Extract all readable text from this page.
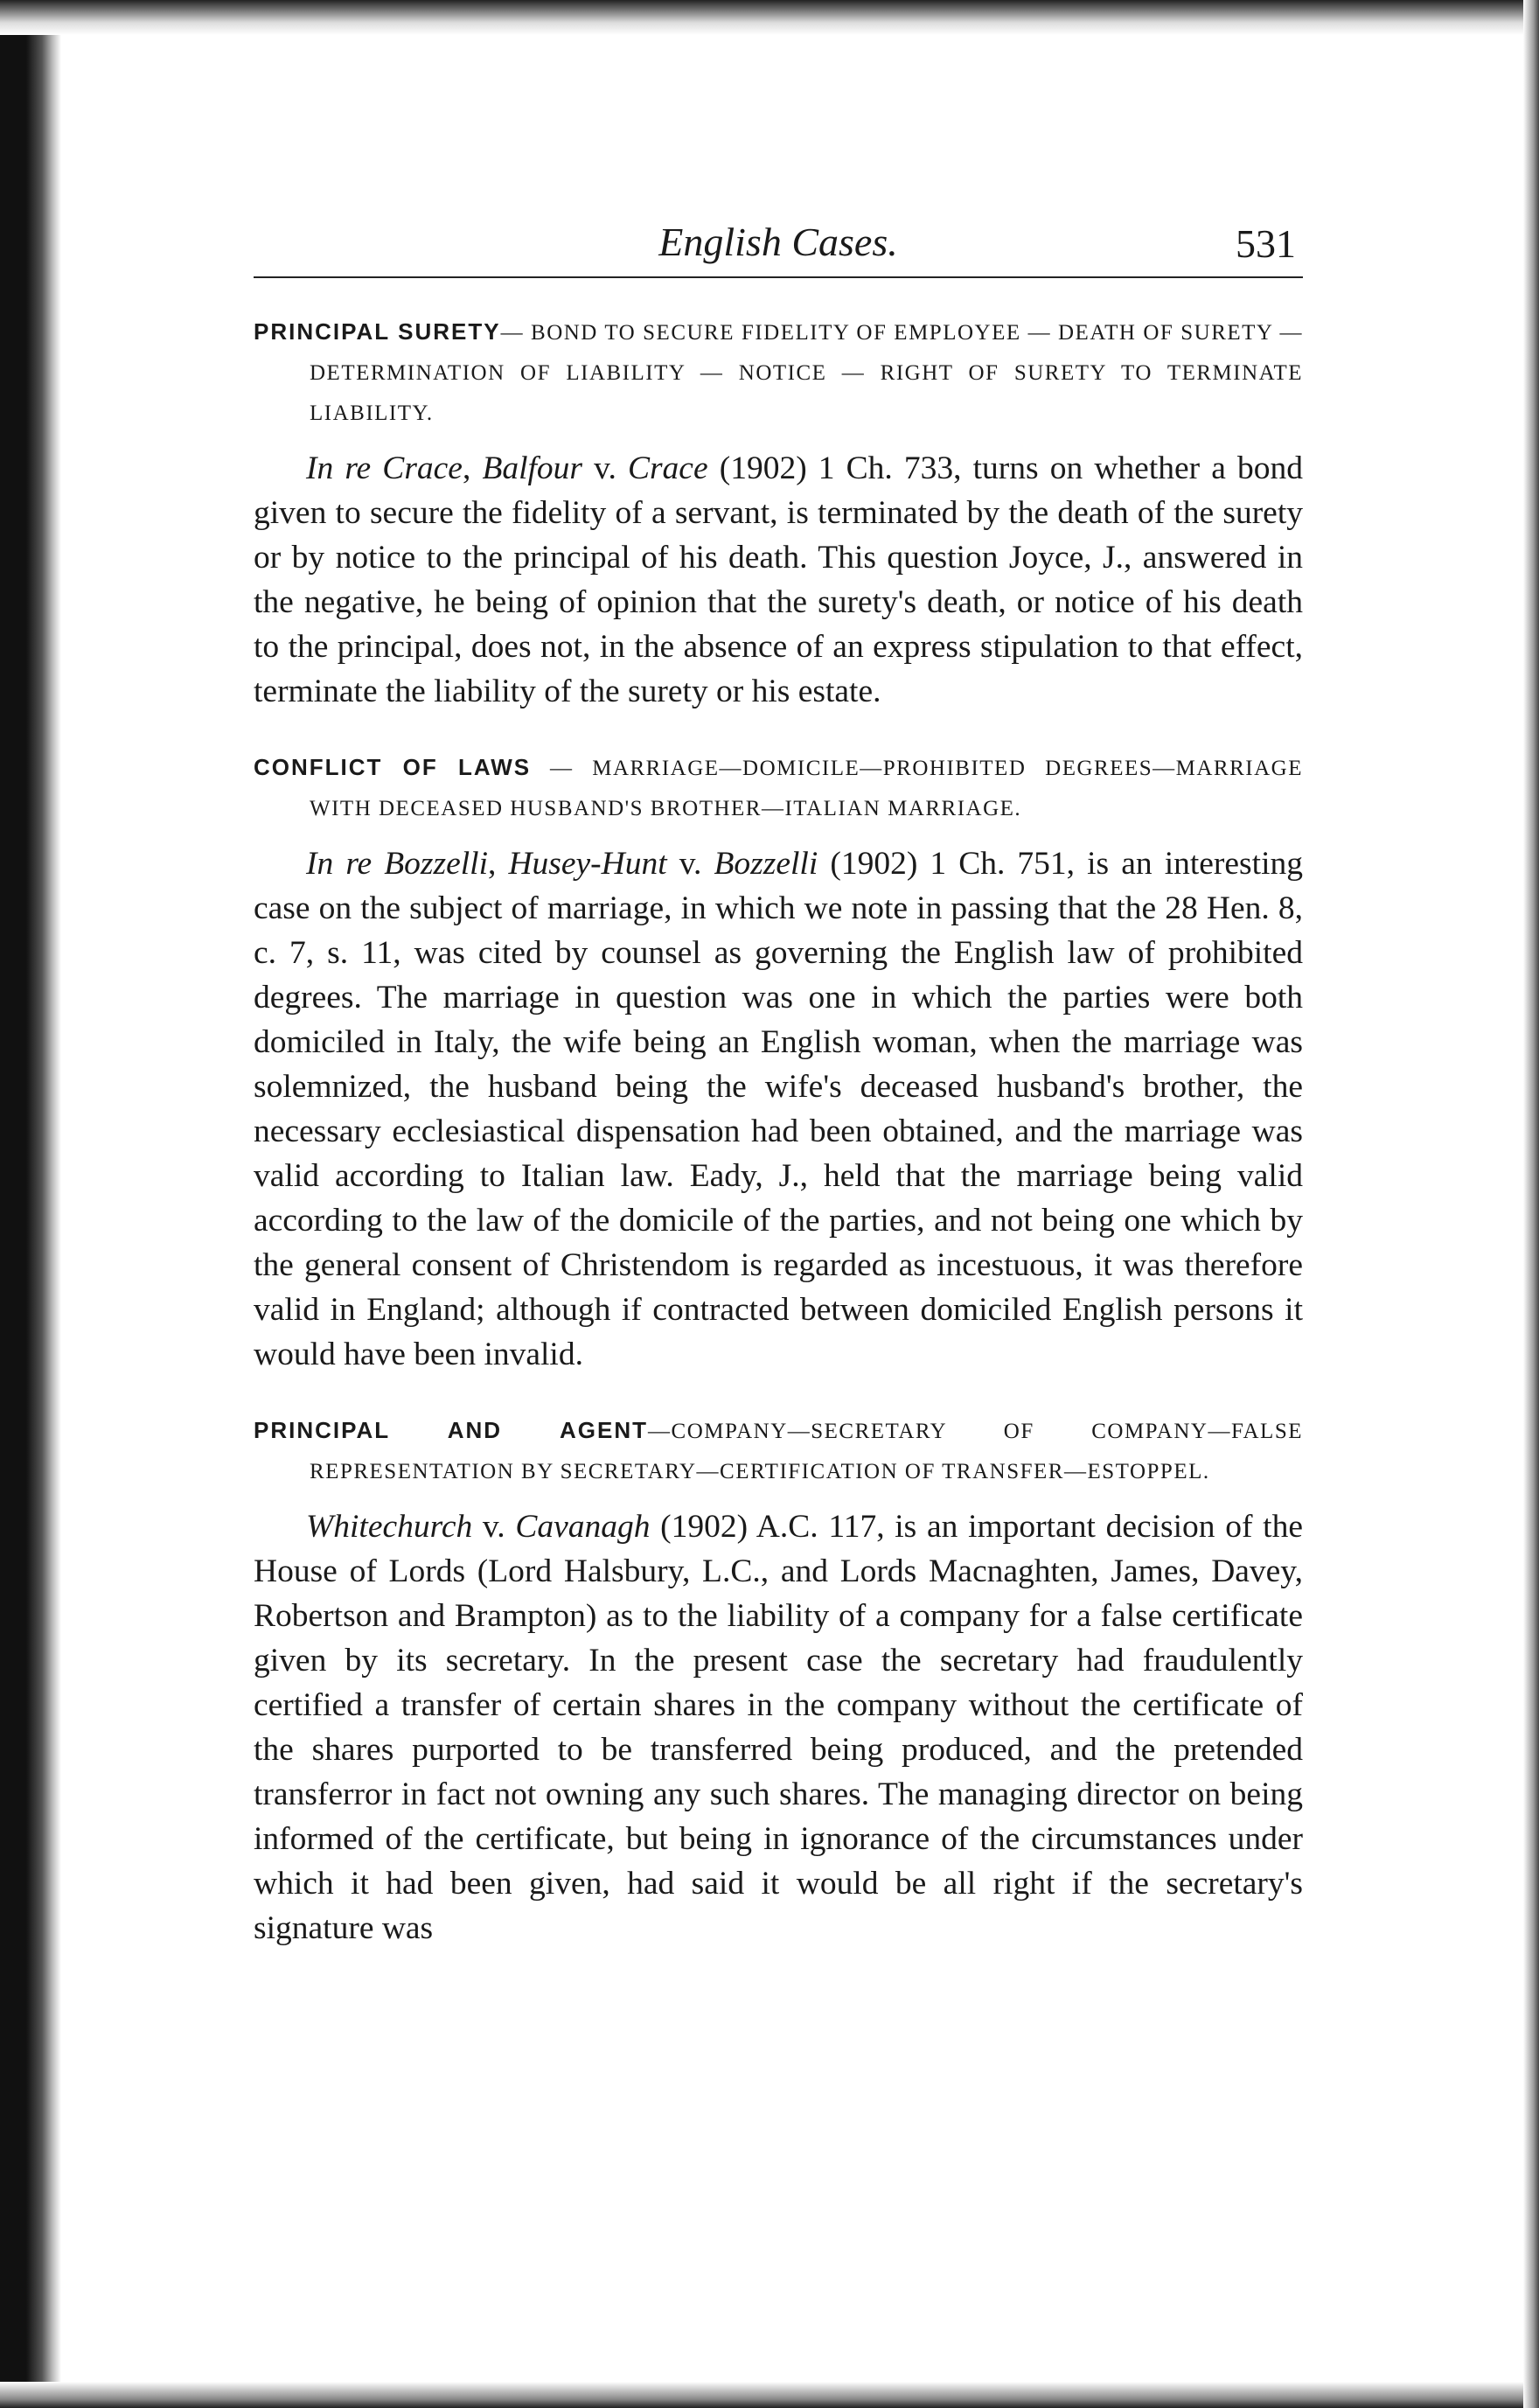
English Cases.	531

PRINCIPAL SURETY— BOND TO SECURE FIDELITY OF EMPLOYEE — DEATH OF SURETY — DETERMINATION OF LIABILITY — NOTICE — RIGHT OF SURETY TO TERMINATE LIABILITY.

In re Crace, Balfour v. Crace (1902) 1 Ch. 733, turns on whether a bond given to secure the fidelity of a servant, is terminated by the death of the surety or by notice to the principal of his death. This question Joyce, J., answered in the negative, he being of opinion that the surety's death, or notice of his death to the principal, does not, in the absence of an express stipulation to that effect, terminate the liability of the surety or his estate.

CONFLICT OF LAWS — MARRIAGE—DOMICILE—PROHIBITED DEGREES—MARRIAGE WITH DECEASED HUSBAND'S BROTHER—ITALIAN MARRIAGE.

In re Bozzelli, Husey-Hunt v. Bozzelli (1902) 1 Ch. 751, is an interesting case on the subject of marriage, in which we note in passing that the 28 Hen. 8, c. 7, s. 11, was cited by counsel as governing the English law of prohibited degrees. The marriage in question was one in which the parties were both domiciled in Italy, the wife being an English woman, when the marriage was solemnized, the husband being the wife's deceased husband's brother, the necessary ecclesiastical dispensation had been obtained, and the marriage was valid according to Italian law. Eady, J., held that the marriage being valid according to the law of the domicile of the parties, and not being one which by the general consent of Christendom is regarded as incestuous, it was therefore valid in England; although if contracted between domiciled English persons it would have been invalid.

PRINCIPAL AND AGENT—COMPANY—SECRETARY OF COMPANY—FALSE REPRESENTATION BY SECRETARY—CERTIFICATION OF TRANSFER—ESTOPPEL.

Whitechurch v. Cavanagh (1902) A.C. 117, is an important decision of the House of Lords (Lord Halsbury, L.C., and Lords Macnaghten, James, Davey, Robertson and Brampton) as to the liability of a company for a false certificate given by its secretary. In the present case the secretary had fraudulently certified a transfer of certain shares in the company without the certificate of the shares purported to be transferred being produced, and the pretended transferror in fact not owning any such shares. The managing director on being informed of the certificate, but being in ignorance of the circumstances under which it had been given, had said it would be all right if the secretary's signature was
